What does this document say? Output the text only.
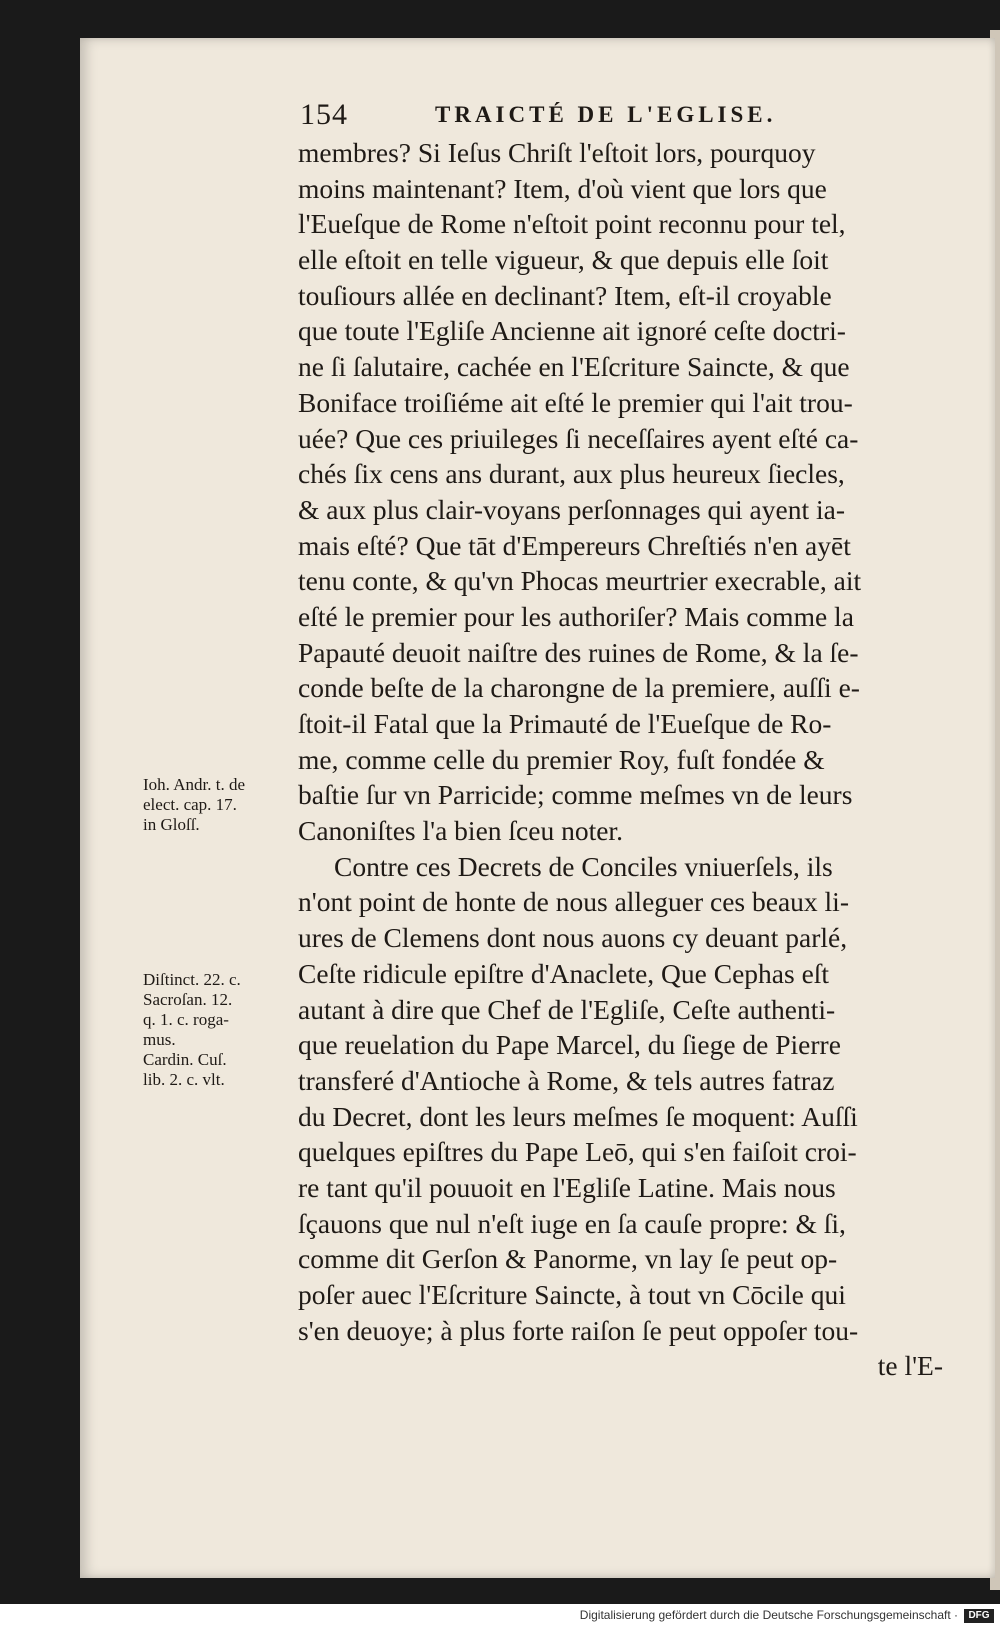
154	TRAICTÉ DE L'EGLISE.
membres? Si Ieſus Chriſt l'eſtoit lors, pourquoy
moins maintenant? Item, d'où vient que lors que
l'Eueſque de Rome n'eſtoit point reconnu pour tel,
elle eſtoit en telle vigueur, & que depuis elle ſoit
touſiours allée en declinant? Item, eſt-il croyable
que toute l'Egliſe Ancienne ait ignoré ceſte doctri-
ne ſi ſalutaire, cachée en l'Eſcriture Saincte, & que
Boniface troiſiéme ait eſté le premier qui l'ait trou-
uée? Que ces priuileges ſi neceſſaires ayent eſté ca-
chés ſix cens ans durant, aux plus heureux ſiecles,
& aux plus clair-voyans perſonnages qui ayent ia-
mais eſté? Que tāt d'Empereurs Chreſtiés n'en ayēt
tenu conte, & qu'vn Phocas meurtrier execrable, ait
eſté le premier pour les authoriſer? Mais comme la
Papauté deuoit naiſtre des ruines de Rome, & la ſe-
conde beſte de la charongne de la premiere, auſſi e-
ſtoit-il Fatal que la Primauté de l'Eueſque de Ro-
me, comme celle du premier Roy, fuſt fondée &
baſtie ſur vn Parricide; comme meſmes vn de leurs
Canoniſtes l'a bien ſceu noter.
Contre ces Decrets de Conciles vniuerſels, ils
n'ont point de honte de nous alleguer ces beaux li-
ures de Clemens dont nous auons cy deuant parlé,
Ceſte ridicule epiſtre d'Anaclete, Que Cephas eſt
autant à dire que Chef de l'Egliſe, Ceſte authenti-
que reuelation du Pape Marcel, du ſiege de Pierre
transferé d'Antioche à Rome, & tels autres fatraz
du Decret, dont les leurs meſmes ſe moquent: Auſſi
quelques epiſtres du Pape Leō, qui s'en faiſoit croi-
re tant qu'il pouuoit en l'Egliſe Latine. Mais nous
ſçauons que nul n'eſt iuge en ſa cauſe propre: & ſi,
comme dit Gerſon & Panorme, vn lay ſe peut op-
poſer auec l'Eſcriture Saincte, à tout vn Cōcile qui
s'en deuoye; à plus forte raiſon ſe peut oppoſer tou-
te l'E-
Ioh. Andr. t. de
elect. cap. 17.
in Gloſſ.
Diſtinct. 22. c.
Sacroſan. 12.
q. 1. c. roga-
mus.
Cardin. Cuſ.
lib. 2. c. vlt.
Digitalisierung gefördert durch die Deutsche Forschungsgemeinschaft ·	DFG
